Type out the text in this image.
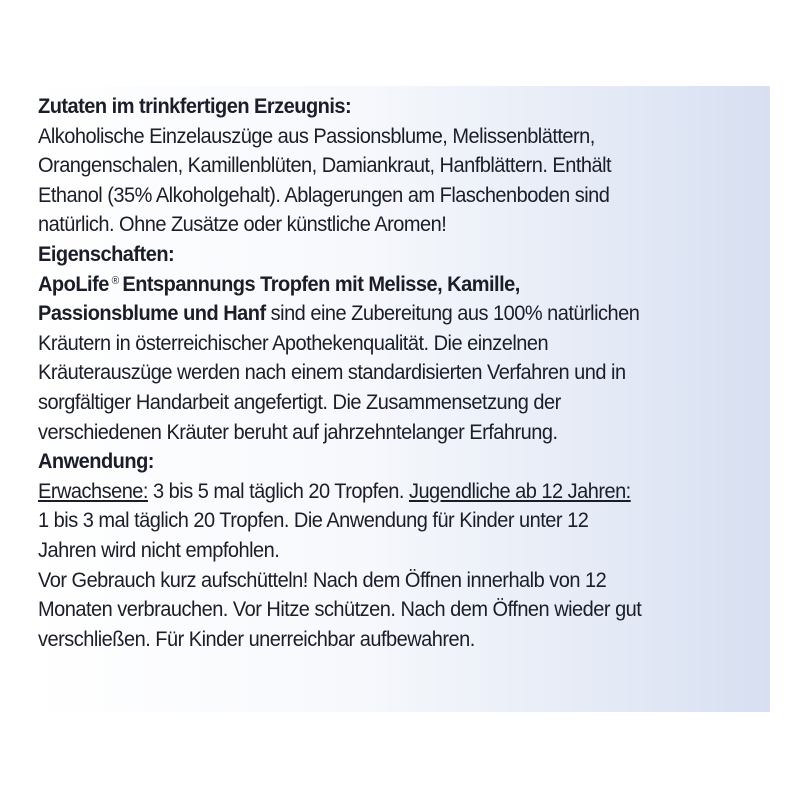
Zutaten im trinkfertigen Erzeugnis:
Alkoholische Einzelauszüge aus Passionsblume, Melissenblättern,
Orangenschalen, Kamillenblüten, Damiankraut, Hanfblättern. Enthält
Ethanol (35% Alkoholgehalt). Ablagerungen am Flaschenboden sind
natürlich. Ohne Zusätze oder künstliche Aromen!
Eigenschaften:
ApoLife ® Entspannungs Tropfen mit Melisse, Kamille,
Passionsblume und Hanf sind eine Zubereitung aus 100% natürlichen
Kräutern in österreichischer Apothekenqualität. Die einzelnen
Kräuterauszüge werden nach einem standardisierten Verfahren und in
sorgfältiger Handarbeit angefertigt. Die Zusammensetzung der
verschiedenen Kräuter beruht auf jahrzehntelanger Erfahrung.
Anwendung:
Erwachsene: 3 bis 5 mal täglich 20 Tropfen. Jugendliche ab 12 Jahren:
1 bis 3 mal täglich 20 Tropfen. Die Anwendung für Kinder unter 12
Jahren wird nicht empfohlen.
Vor Gebrauch kurz aufschütteln! Nach dem Öffnen innerhalb von 12
Monaten verbrauchen. Vor Hitze schützen. Nach dem Öffnen wieder gut
verschließen. Für Kinder unerreichbar aufbewahren.
